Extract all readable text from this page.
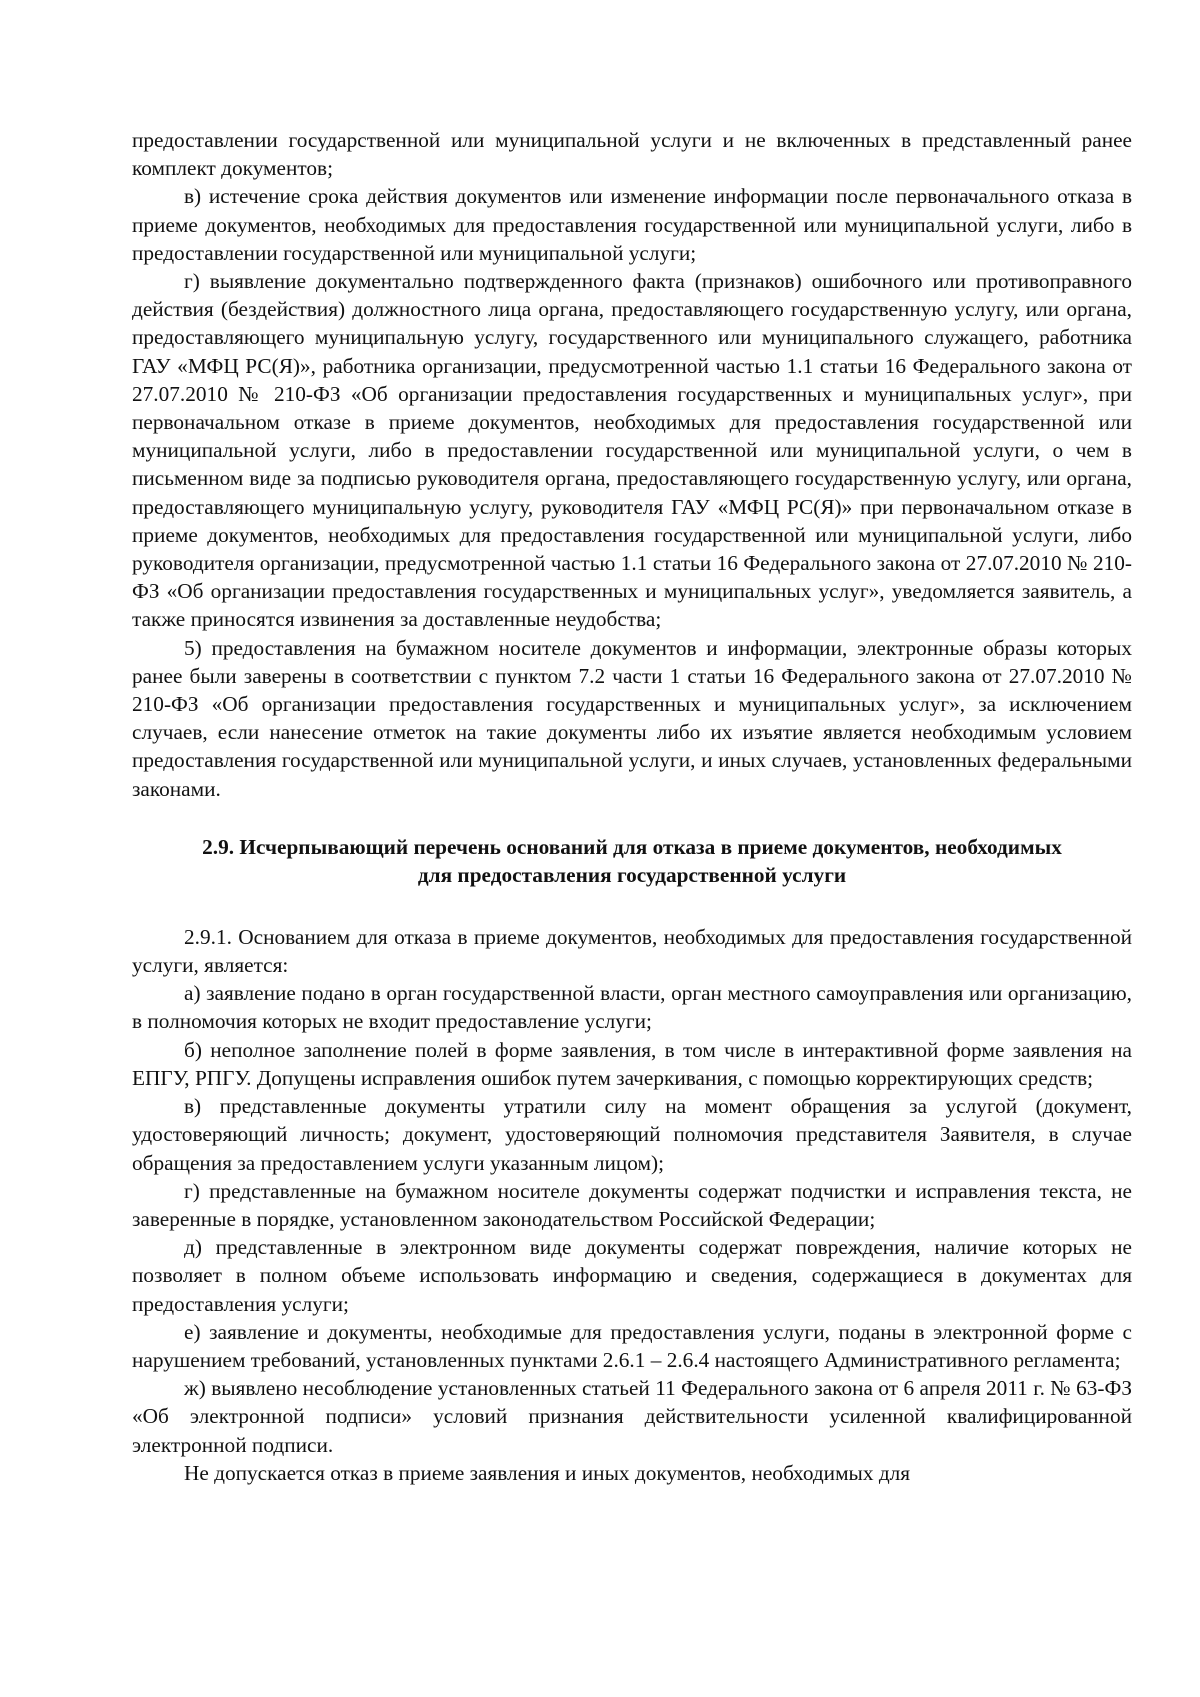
предоставлении государственной или муниципальной услуги и не включенных в представленный ранее комплект документов;

в) истечение срока действия документов или изменение информации после первоначального отказа в приеме документов, необходимых для предоставления государственной или муниципальной услуги, либо в предоставлении государственной или муниципальной услуги;

г) выявление документально подтвержденного факта (признаков) ошибочного или противоправного действия (бездействия) должностного лица органа, предоставляющего государственную услугу, или органа, предоставляющего муниципальную услугу, государственного или муниципального служащего, работника ГАУ «МФЦ РС(Я)», работника организации, предусмотренной частью 1.1 статьи 16 Федерального закона от 27.07.2010 № 210-ФЗ «Об организации предоставления государственных и муниципальных услуг», при первоначальном отказе в приеме документов, необходимых для предоставления государственной или муниципальной услуги, либо в предоставлении государственной или муниципальной услуги, о чем в письменном виде за подписью руководителя органа, предоставляющего государственную услугу, или органа, предоставляющего муниципальную услугу, руководителя ГАУ «МФЦ РС(Я)» при первоначальном отказе в приеме документов, необходимых для предоставления государственной или муниципальной услуги, либо руководителя организации, предусмотренной частью 1.1 статьи 16 Федерального закона от 27.07.2010 № 210-ФЗ «Об организации предоставления государственных и муниципальных услуг», уведомляется заявитель, а также приносятся извинения за доставленные неудобства;

5) предоставления на бумажном носителе документов и информации, электронные образы которых ранее были заверены в соответствии с пунктом 7.2 части 1 статьи 16 Федерального закона от 27.07.2010 № 210-ФЗ «Об организации предоставления государственных и муниципальных услуг», за исключением случаев, если нанесение отметок на такие документы либо их изъятие является необходимым условием предоставления государственной или муниципальной услуги, и иных случаев, установленных федеральными законами.

2.9. Исчерпывающий перечень оснований для отказа в приеме документов, необходимых
для предоставления государственной услуги

2.9.1. Основанием для отказа в приеме документов, необходимых для предоставления государственной услуги, является:

а) заявление подано в орган государственной власти, орган местного самоуправления или организацию, в полномочия которых не входит предоставление услуги;

б) неполное заполнение полей в форме заявления, в том числе в интерактивной форме заявления на ЕПГУ, РПГУ. Допущены исправления ошибок путем зачеркивания, с помощью корректирующих средств;

в) представленные документы утратили силу на момент обращения за услугой (документ, удостоверяющий личность; документ, удостоверяющий полномочия представителя Заявителя, в случае обращения за предоставлением услуги указанным лицом);

г) представленные на бумажном носителе документы содержат подчистки и исправления текста, не заверенные в порядке, установленном законодательством Российской Федерации;

д) представленные в электронном виде документы содержат повреждения, наличие которых не позволяет в полном объеме использовать информацию и сведения, содержащиеся в документах для предоставления услуги;

е) заявление и документы, необходимые для предоставления услуги, поданы в электронной форме с нарушением требований, установленных пунктами 2.6.1 – 2.6.4 настоящего Административного регламента;

ж) выявлено несоблюдение установленных статьей 11 Федерального закона от 6 апреля 2011 г. № 63-ФЗ «Об электронной подписи» условий признания действительности усиленной квалифицированной электронной подписи.

Не допускается отказ в приеме заявления и иных документов, необходимых для
